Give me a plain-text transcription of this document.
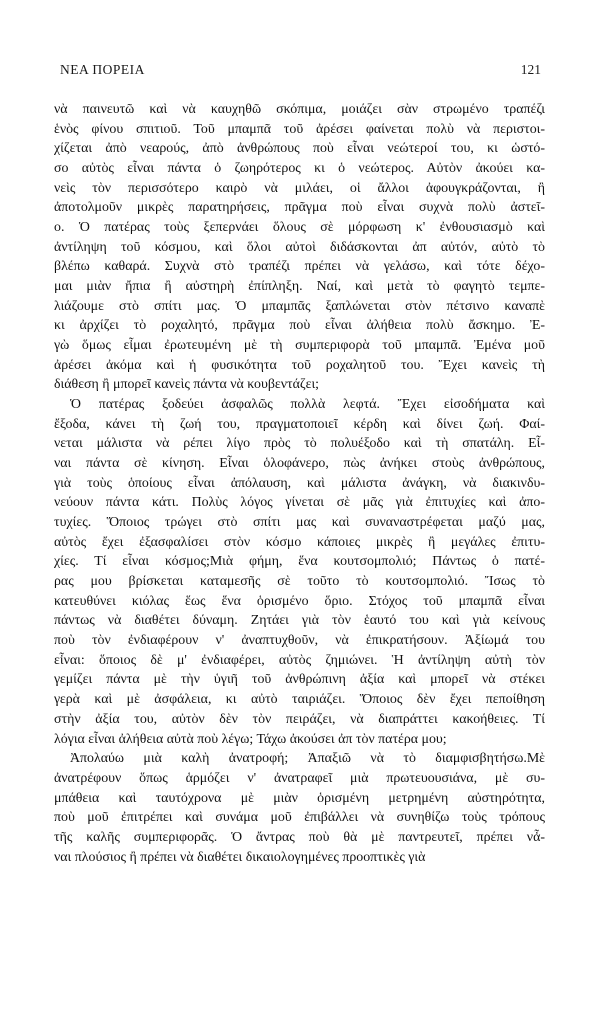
ΝΕΑ ΠΟΡΕΙΑ	121
νὰ παινευτῶ καὶ νὰ καυχηθῶ σκόπιμα, μοιάζει σὰν στρωμένο τραπέζι
ἑνὸς φίνου σπιτιοῦ. Τοῦ μπαμπᾶ τοῦ ἀρέσει φαίνεται πολὺ νὰ περιστοι-
χίζεται ἀπὸ νεαρούς, ἀπὸ ἀνθρώπους ποὺ εἶναι νεώτεροί του, κι ὡστό-
σο αὐτὸς εἶναι πάντα ὁ ζωηρότερος κι ὁ νεώτερος. Αὐτὸν ἀκούει κα-
νεὶς τὸν περισσότερο καιρὸ νὰ μιλάει, οἱ ἄλλοι ἀφουγκράζονται, ἢ
ἀποτολμοῦν μικρὲς παρατηρήσεις, πρᾶγμα ποὺ εἶναι συχνὰ πολὺ ἀστεῖ-
ο. Ὁ πατέρας τοὺς ξεπερνάει ὅλους σὲ μόρφωση κ' ἐνθουσιασμὸ καὶ
ἀντίληψη τοῦ κόσμου, καὶ ὅλοι αὐτοὶ διδάσκονται ἀπ αὐτόν, αὐτὸ τὸ
βλέπω καθαρά. Συχνὰ στὸ τραπέζι πρέπει νὰ γελάσω, καὶ τότε δέχο-
μαι μιὰν ἤπια ἢ αὐστηρὴ ἐπίπληξη. Ναί, καὶ μετὰ τὸ φαγητὸ τεμπε-
λιάζουμε στὸ σπίτι μας. Ὁ μπαμπᾶς ξαπλώνεται στὸν πέτσινο καναπὲ
κι ἀρχίζει τὸ ροχαλητό, πρᾶγμα ποὺ εἶναι ἀλήθεια πολὺ ἄσκημο. Ἐ-
γὼ ὅμως εἶμαι ἐρωτευμένη μὲ τὴ συμπεριφορὰ τοῦ μπαμπᾶ. Ἐμένα μοῦ
ἀρέσει ἀκόμα καὶ ἡ φυσικότητα τοῦ ροχαλητοῦ του. Ἔχει κανεὶς τὴ
διάθεση ἢ μπορεῖ κανεὶς πάντα νὰ κουβεντάζει;
Ὁ πατέρας ξοδεύει ἀσφαλῶς πολλὰ λεφτά. Ἔχει εἰσοδήματα καὶ
ἔξοδα, κάνει τὴ ζωή του, πραγματοποιεῖ κέρδη καὶ δίνει ζωή. Φαί-
νεται μάλιστα νὰ ρέπει λίγο πρὸς τὸ πολυέξοδο καὶ τὴ σπατάλη. Εἶ-
ναι πάντα σὲ κίνηση. Εἶναι ὁλοφάνερο, πὼς ἀνήκει στοὺς ἀνθρώπους,
γιὰ τοὺς ὁποίους εἶναι ἀπόλαυση, καὶ μάλιστα ἀνάγκη, νὰ διακινδυ-
νεύουν πάντα κάτι. Πολὺς λόγος γίνεται σὲ μᾶς γιὰ ἐπιτυχίες καὶ ἀπο-
τυχίες. Ὅποιος τρώγει στὸ σπίτι μας καὶ συναναστρέφεται μαζύ μας,
αὐτὸς ἔχει ἐξασφαλίσει στὸν κόσμο κάποιες μικρὲς ἢ μεγάλες ἐπιτυ-
χίες. Τί εἶναι κόσμος;Μιὰ φήμη, ἕνα κουτσομπολιό; Πάντως ὁ πατέ-
ρας μου βρίσκεται καταμεσῆς σὲ τοῦτο τὸ κουτσομπολιό. Ἴσως τὸ
κατευθύνει κιόλας ἕως ἕνα ὁρισμένο ὅριο. Στόχος τοῦ μπαμπᾶ εἶναι
πάντως νὰ διαθέτει δύναμη. Ζητάει γιὰ τὸν ἑαυτό του καὶ γιὰ κείνους
ποὺ τὸν ἐνδιαφέρουν ν' ἀναπτυχθοῦν, νὰ ἐπικρατήσουν. Ἀξίωμά του
εἶναι: ὅποιος δὲ μ' ἐνδιαφέρει, αὐτὸς ζημιώνει. Ἡ ἀντίληψη αὐτὴ τὸν
γεμίζει πάντα μὲ τὴν ὑγιῆ τοῦ ἀνθρώπινη ἀξία καὶ μπορεῖ νὰ στέκει
γερὰ καὶ μὲ ἀσφάλεια, κι αὐτὸ ταιριάζει. Ὅποιος δὲν ἔχει πεποίθηση
στὴν ἀξία του, αὐτὸν δὲν τὸν πειράζει, νὰ διαπράττει κακοήθειες. Τί
λόγια εἶναι ἀλήθεια αὐτὰ ποὺ λέγω; Τάχω ἀκούσει ἀπ τὸν πατέρα μου;
Ἀπολαύω μιὰ καλὴ ἀνατροφή; Ἀπαξιῶ νὰ τὸ διαμφισβητήσω.Μὲ
ἀνατρέφουν ὅπως ἁρμόζει ν' ἀνατραφεῖ μιὰ πρωτευουσιάνα, μὲ συ-
μπάθεια καὶ ταυτόχρονα μὲ μιὰν ὁρισμένη μετρημένη αὐστηρότητα,
ποὺ μοῦ ἐπιτρέπει καὶ συνάμα μοῦ ἐπιβάλλει νὰ συνηθίζω τοὺς τρόπους
τῆς καλῆς συμπεριφορᾶς. Ὁ ἄντρας ποὺ θὰ μὲ παντρευτεῖ, πρέπει νἆ-
ναι πλούσιος ἢ πρέπει νὰ διαθέτει δικαιολογημένες προοπτικὲς γιὰ
